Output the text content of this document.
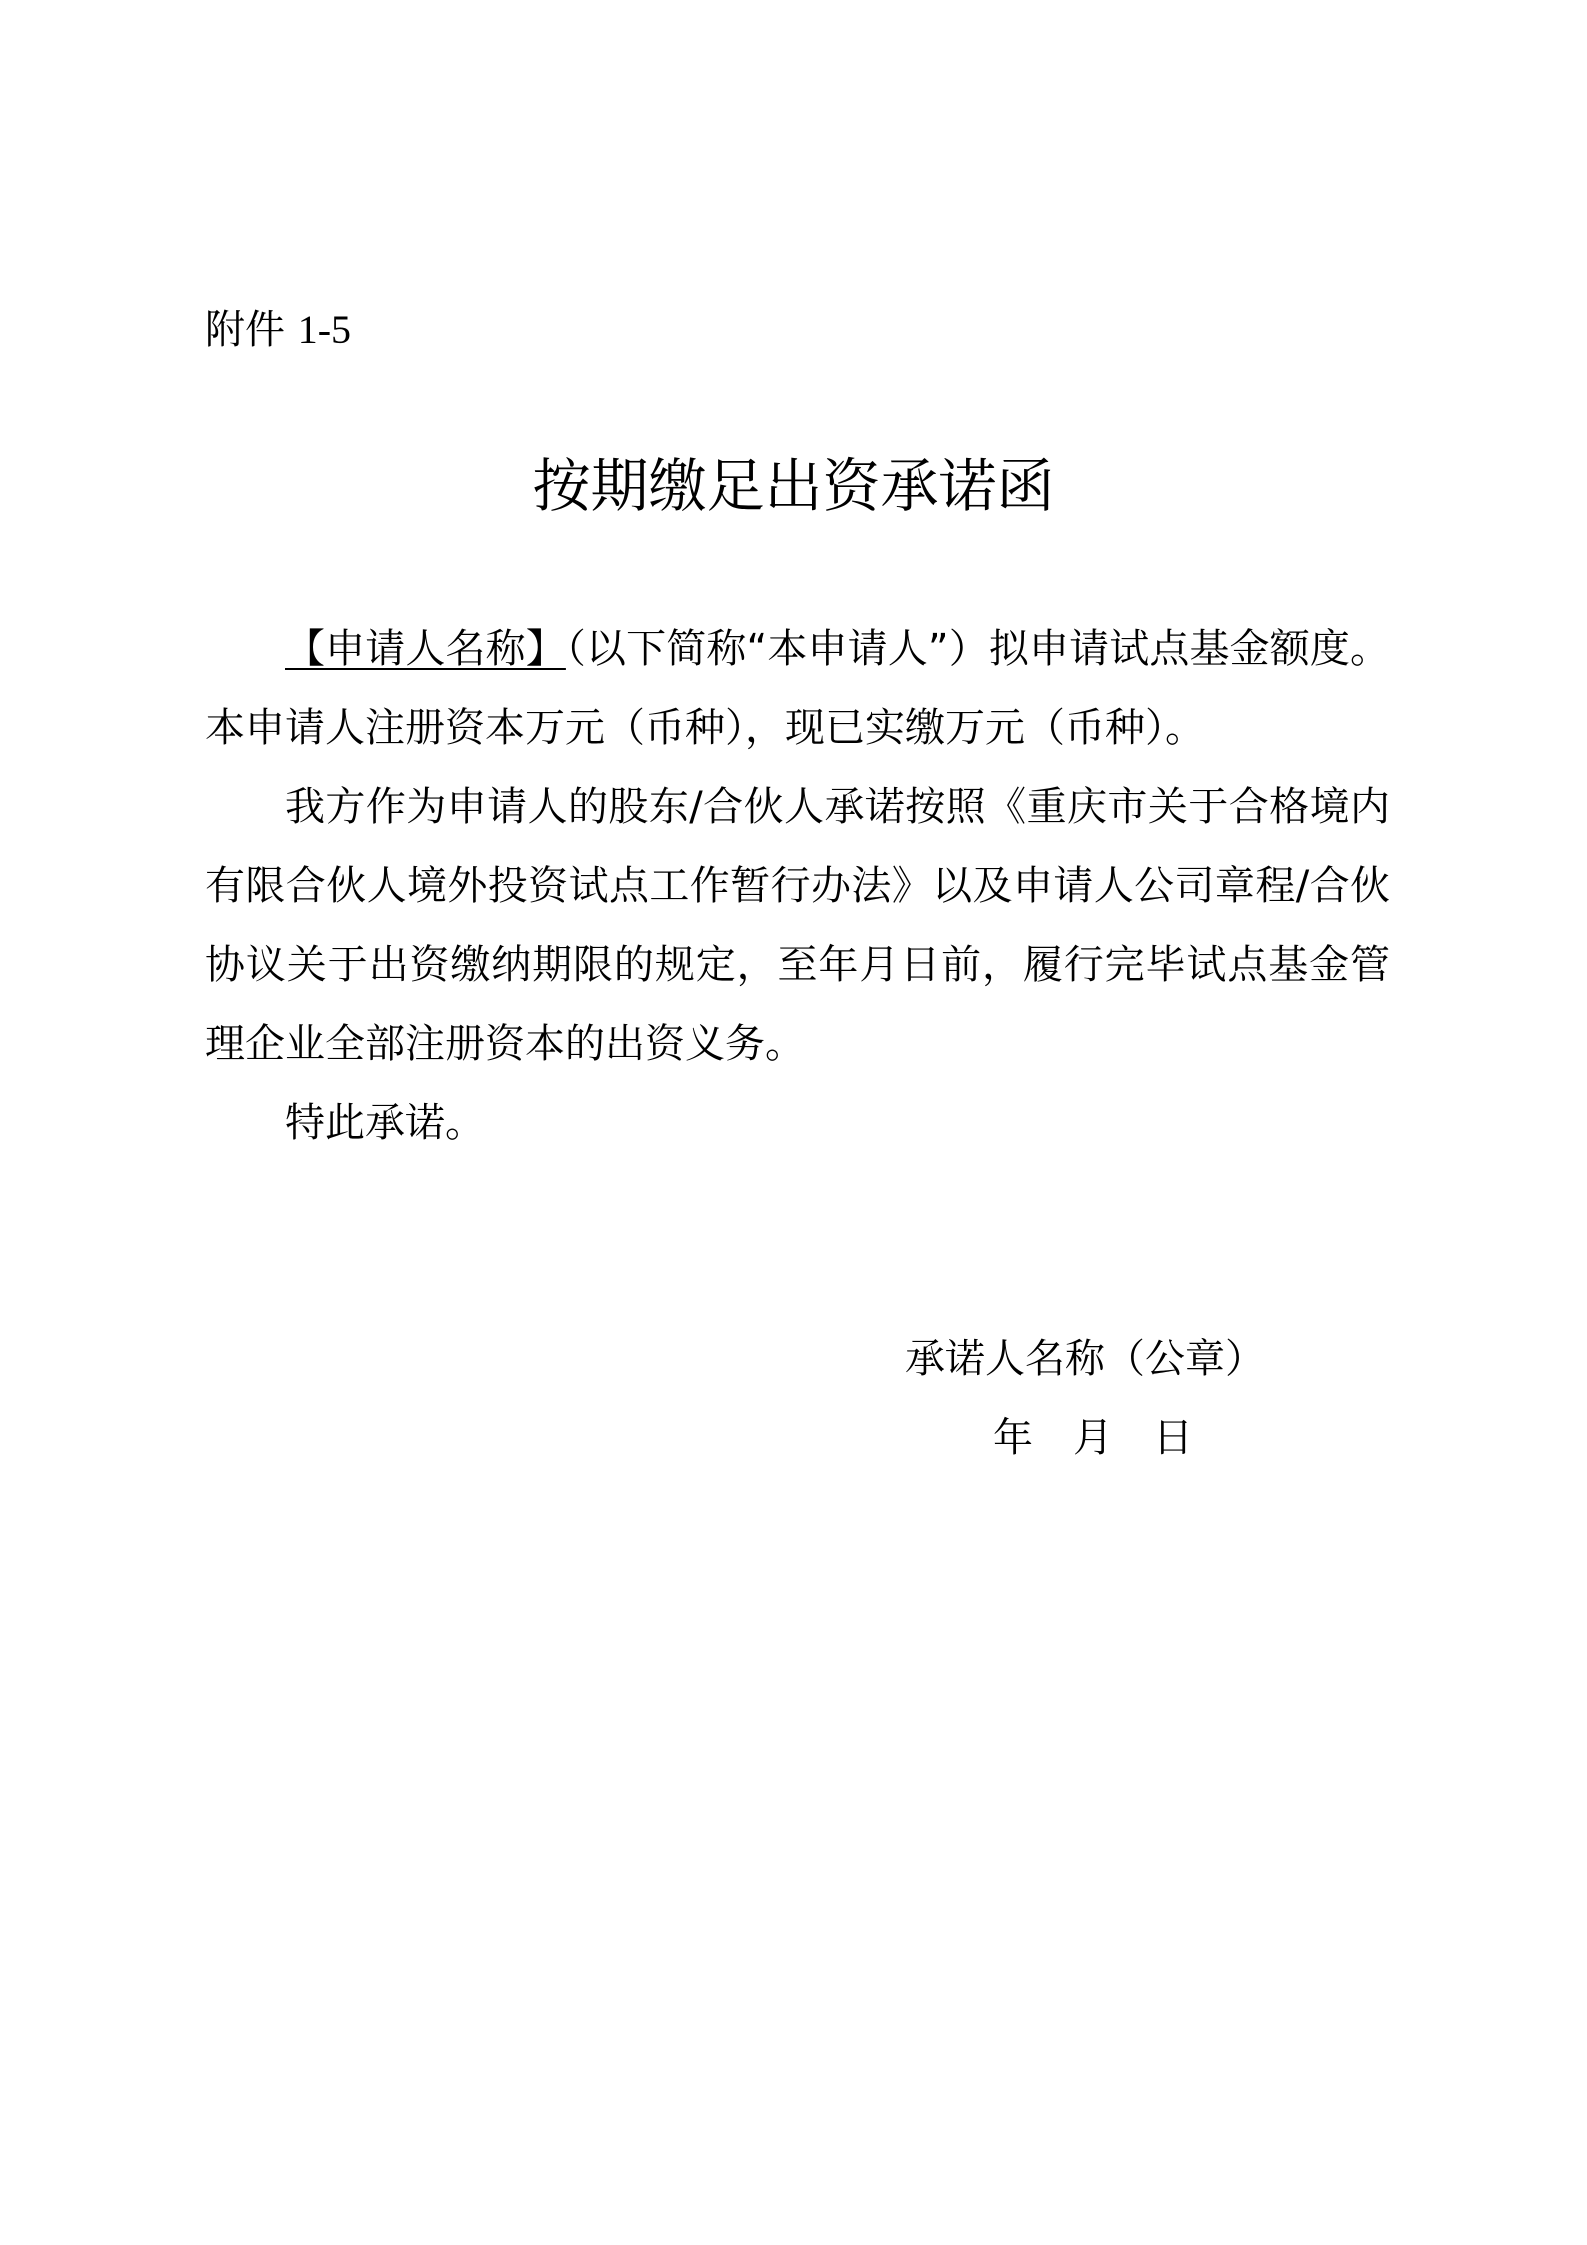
附件 1-5
按期缴足出资承诺函

【申请人名称】（以下简称“本申请人”）拟申请试点基金额度。本申请人注册资本万元（币种），现已实缴万元（币种）。

我方作为申请人的股东/合伙人承诺按照《重庆市关于合格境内有限合伙人境外投资试点工作暂行办法》以及申请人公司章程/合伙协议关于出资缴纳期限的规定，至年月日前，履行完毕试点基金管理企业全部注册资本的出资义务。

特此承诺。

承诺人名称（公章）
年　月　日
